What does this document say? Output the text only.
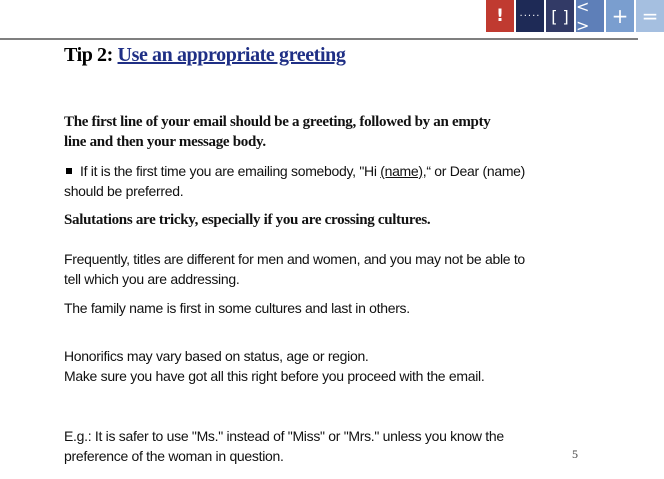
!	····· [ ] < >	+ =
Tip 2: Use an appropriate greeting
The first line of your email should be a greeting, followed by an empty
line and then your message body.
If it is the first time you are emailing somebody, "Hi (name),“ or Dear (name)
should be preferred.
Salutations are tricky, especially if you are crossing cultures.
Frequently, titles are different for men and women, and you may not be able to
tell which you are addressing.
The family name is first in some cultures and last in others.
Honorifics may vary based on status, age or region.
Make sure you have got all this right before you proceed with the email.
E.g.: It is safer to use "Ms." instead of "Miss" or "Mrs." unless you know the
preference of the woman in question.	5
